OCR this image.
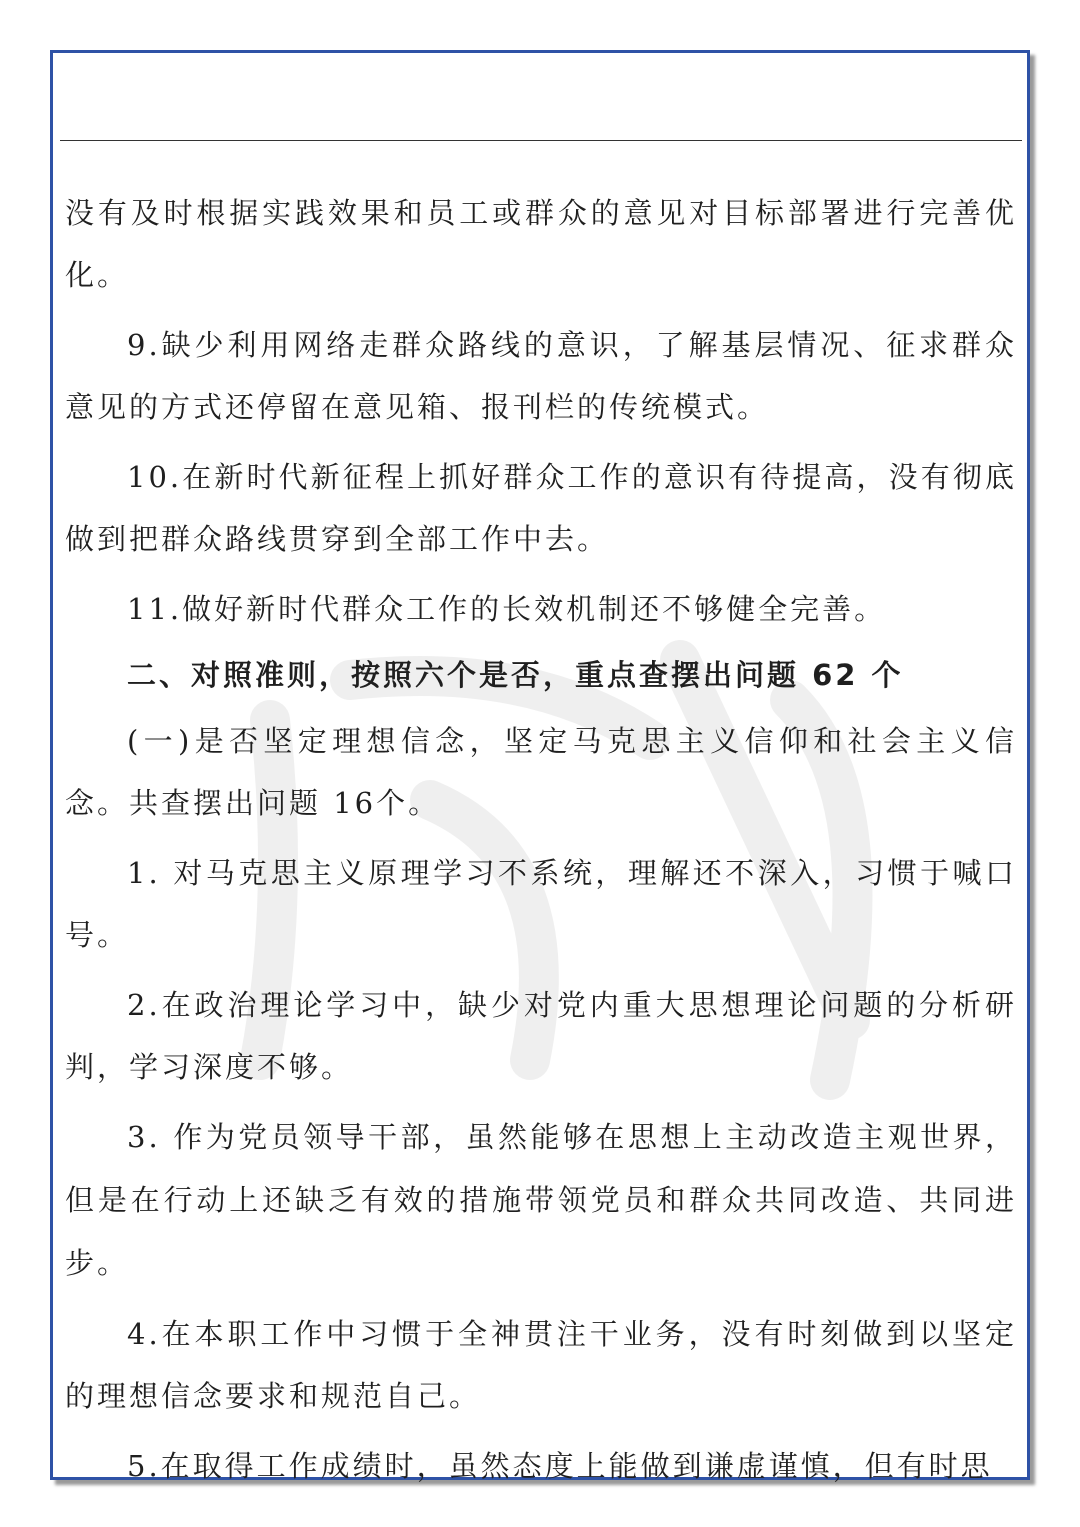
没有及时根据实践效果和员工或群众的意见对目标部署进行完善优化。

9.缺少利用网络走群众路线的意识，了解基层情况、征求群众意见的方式还停留在意见箱、报刊栏的传统模式。

10.在新时代新征程上抓好群众工作的意识有待提高，没有彻底做到把群众路线贯穿到全部工作中去。

11.做好新时代群众工作的长效机制还不够健全完善。

二、对照准则，按照六个是否，重点查摆出问题 62 个

(一)是否坚定理想信念，坚定马克思主义信仰和社会主义信念。共查摆出问题 16个。

1. 对马克思主义原理学习不系统，理解还不深入，习惯于喊口号。

2.在政治理论学习中，缺少对党内重大思想理论问题的分析研判，学习深度不够。

3. 作为党员领导干部，虽然能够在思想上主动改造主观世界，但是在行动上还缺乏有效的措施带领党员和群众共同改造、共同进步。

4.在本职工作中习惯于全神贯注干业务，没有时刻做到以坚定的理想信念要求和规范自己。

5.在取得工作成绩时，虽然态度上能做到谦虚谨慎，但有时思
